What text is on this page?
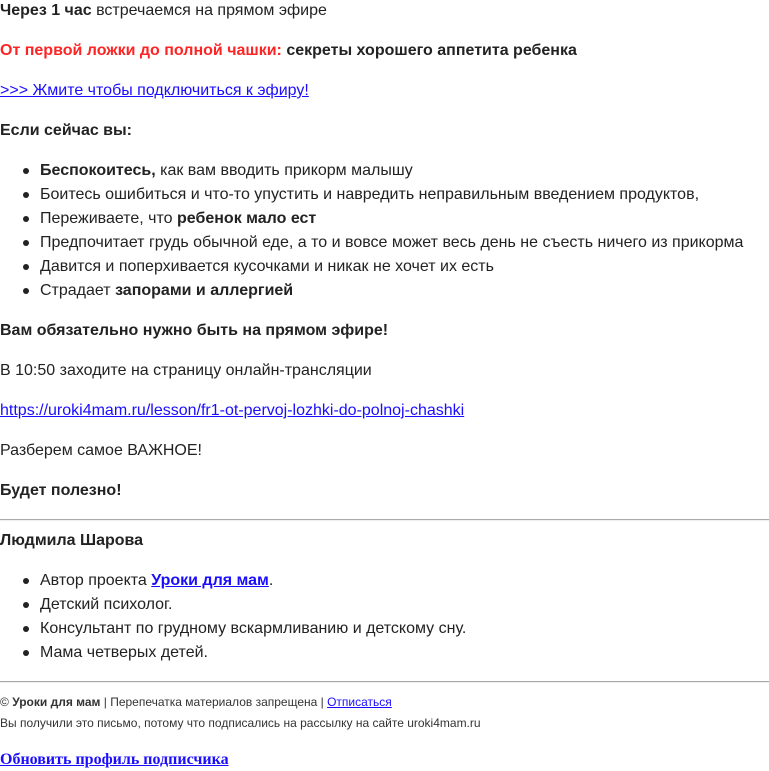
Через 1 час встречаемся на прямом эфире
От первой ложки до полной чашки: секреты хорошего аппетита ребенка
>>> Жмите чтобы подключиться к эфиру!
Если сейчас вы:
Беспокоитесь, как вам вводить прикорм малышу
Боитесь ошибиться и что-то упустить и навредить неправильным введением продуктов,
Переживаете, что ребенок мало ест
Предпочитает грудь обычной еде, а то и вовсе может весь день не съесть ничего из прикорма
Давится и поперхивается кусочками и никак не хочет их есть
Страдает запорами и аллергией
Вам обязательно нужно быть на прямом эфире!
В 10:50 заходите на страницу онлайн-трансляции
https://uroki4mam.ru/lesson/fr1-ot-pervoj-lozhki-do-polnoj-chashki
Разберем самое ВАЖНОЕ!
Будет полезно!
Людмила Шарова
Автор проекта Уроки для мам.
Детский психолог.
Консультант по грудному вскармливанию и детскому сну.
Мама четверых детей.
© Уроки для мам | Перепечатка материалов запрещена | Отписаться
Вы получили это письмо, потому что подписались на рассылку на сайте uroki4mam.ru
Обновить профиль подписчика
